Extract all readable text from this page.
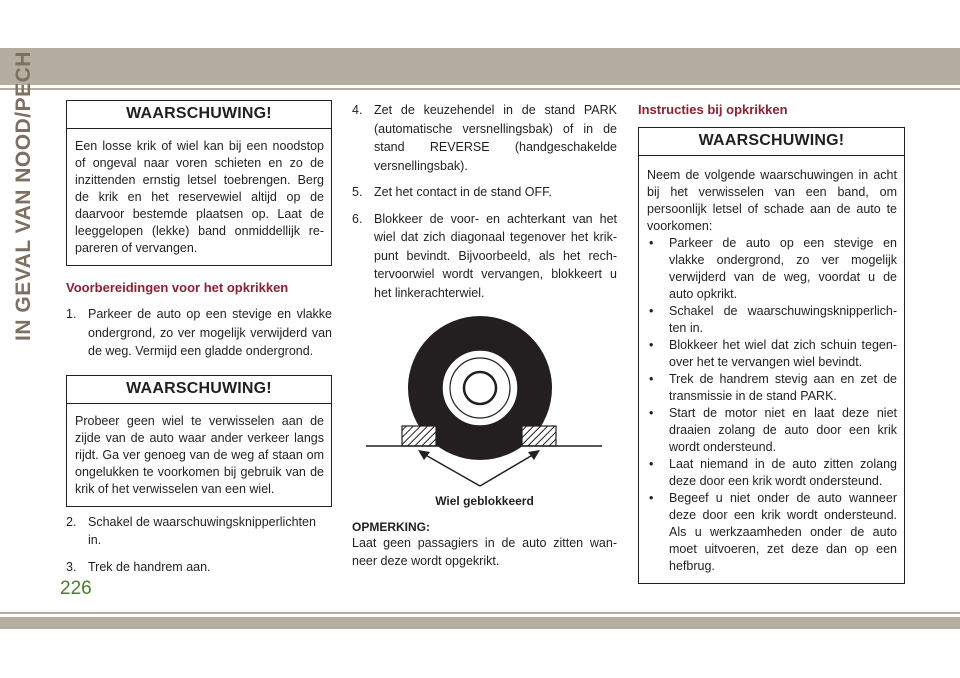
IN GEVAL VAN NOOD/PECH
226
WAARSCHUWING!
Een losse krik of wiel kan bij een noodstop of ongeval naar voren schieten en zo de inzittenden ernstig letsel toebrengen. Berg de krik en het reservewiel altijd op de daarvoor bestemde plaatsen op. Laat de leeggelopen (lekke) band onmiddellijk re-pareren of vervangen.
Voorbereidingen voor het opkrikken
1. Parkeer de auto op een stevige en vlakke ondergrond, zo ver mogelijk verwijderd van de weg. Vermijd een gladde ondergrond.
WAARSCHUWING!
Probeer geen wiel te verwisselen aan de zijde van de auto waar ander verkeer langs rijdt. Ga ver genoeg van de weg af staan om ongelukken te voorkomen bij gebruik van de krik of het verwisselen van een wiel.
2. Schakel de waarschuwingsknipperlichten in.
3. Trek de handrem aan.
4. Zet de keuzehendel in de stand PARK (automatische versnellingsbak) of in de stand REVERSE (handgeschakelde versnellingsbak).
5. Zet het contact in de stand OFF.
6. Blokkeer de voor- en achterkant van het wiel dat zich diagonaal tegenover het krik-punt bevindt. Bijvoorbeeld, als het rech-tervoorwiel wordt vervangen, blokkeert u het linkerachterwiel.
Wiel geblokkeerd
OPMERKING:
Laat geen passagiers in de auto zitten wan-neer deze wordt opgekrikt.
Instructies bij opkrikken
WAARSCHUWING!
Neem de volgende waarschuwingen in acht bij het verwisselen van een band, om persoonlijk letsel of schade aan de auto te voorkomen:
•	Parkeer de auto op een stevige en vlakke ondergrond, zo ver mogelijk verwijderd van de weg, voordat u de auto opkrikt.
•	Schakel de waarschuwingsknipperlich-ten in.
•	Blokkeer het wiel dat zich schuin tegen-over het te vervangen wiel bevindt.
•	Trek de handrem stevig aan en zet de transmissie in de stand PARK.
•	Start de motor niet en laat deze niet draaien zolang de auto door een krik wordt ondersteund.
•	Laat niemand in de auto zitten zolang deze door een krik wordt ondersteund.
•	Begeef u niet onder de auto wanneer deze door een krik wordt ondersteund. Als u werkzaamheden onder de auto moet uitvoeren, zet deze dan op een hefbrug.
